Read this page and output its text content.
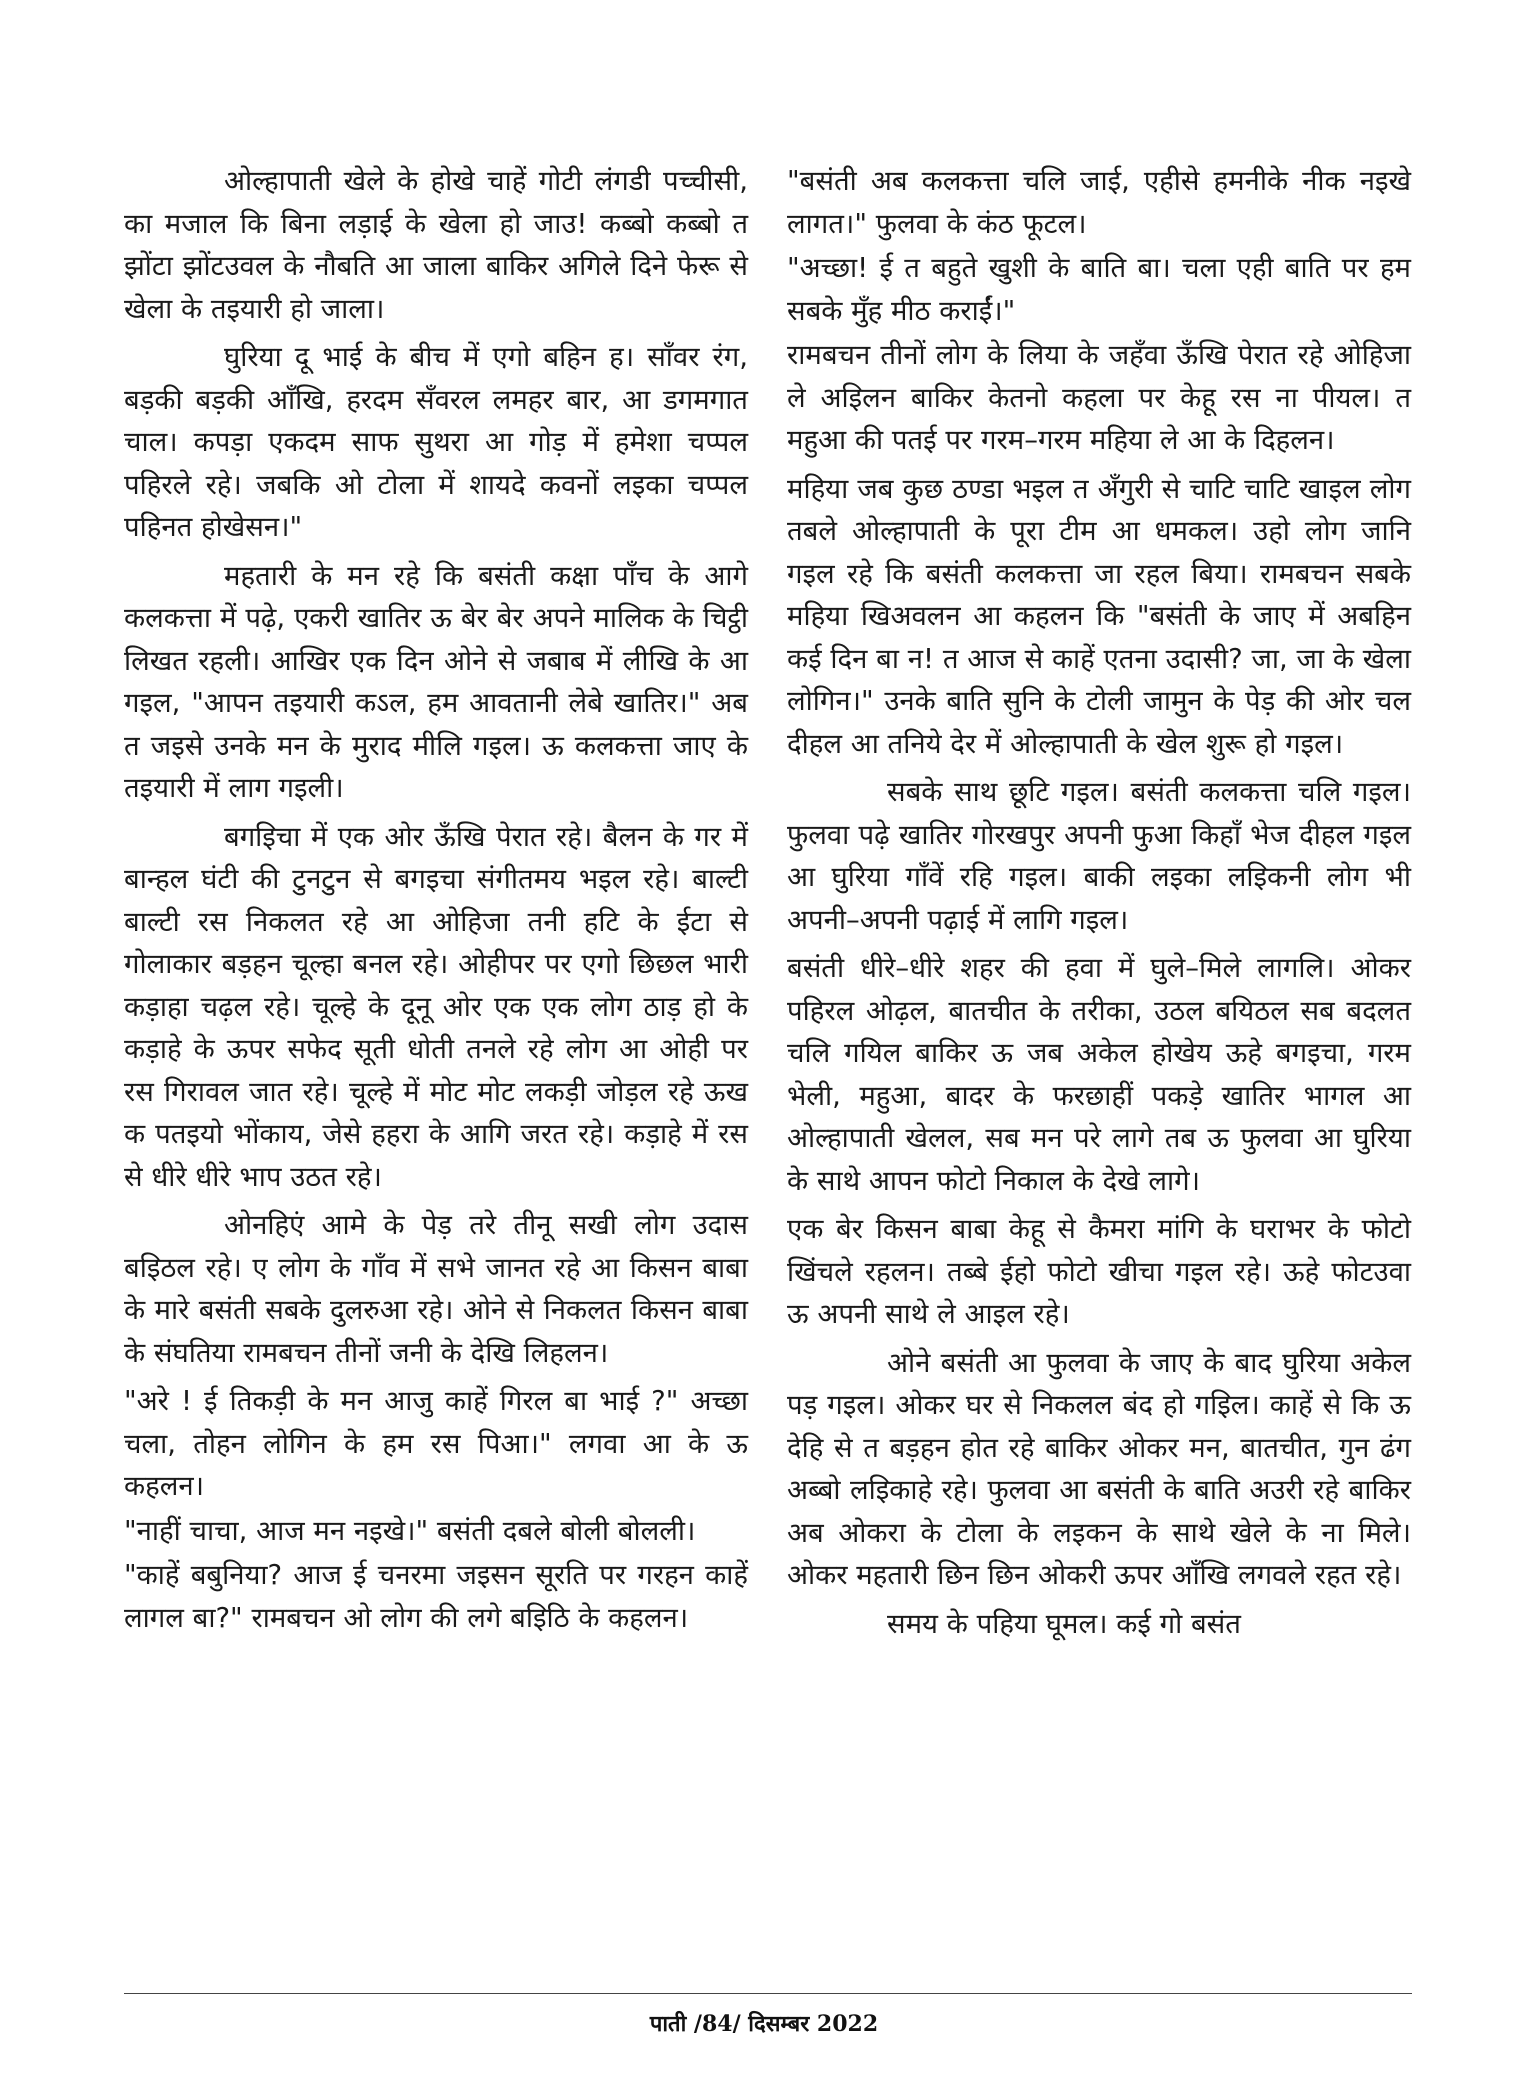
ओल्हापाती खेले के होखे चाहें गोटी लंगडी पच्चीसी, का मजाल कि बिना लड़ाई के खेला हो जाउ! कब्बो कब्बो त झोंटा झोंटउवल के नौबति आ जाला बाकिर अगिले दिने फेरू से खेला के तइयारी हो जाला।

घुरिया दू भाई के बीच में एगो बहिन ह। साँवर रंग, बड़की बड़की आँखि, हरदम सँवरल लमहर बार, आ डगमगात चाल। कपड़ा एकदम साफ सुथरा आ गोड़ में हमेशा चप्पल पहिरले रहे। जबकि ओ टोला में शायदे कवनों लइका चप्पल पहिनत होखेसन।"

महतारी के मन रहे कि बसंती कक्षा पाँच के आगे कलकत्ता में पढ़े, एकरी खातिर ऊ बेर बेर अपने मालिक के चिट्ठी लिखत रहली। आखिर एक दिन ओने से जबाब में लीखि के आ गइल, "आपन तइयारी कऽल, हम आवतानी लेबे खातिर।" अब त जइसे उनके मन के मुराद मीलि गइल। ऊ कलकत्ता जाए के तइयारी में लाग गइली।

बगइिचा में एक ओर ऊँखि पेरात रहे। बैलन के गर में बान्हल घंटी की टुनटुन से बगइचा संगीतमय भइल रहे। बाल्टी बाल्टी रस निकलत रहे आ ओहिजा तनी हटि के ईटा से गोलाकार बड़हन चूल्हा बनल रहे। ओहीपर पर एगो छिछल भारी कड़ाहा चढ़ल रहे। चूल्हे के दूनू ओर एक एक लोग ठाड़ हो के कड़ाहे के ऊपर सफेद सूती धोती तनले रहे लोग आ ओही पर रस गिरावल जात रहे। चूल्हे में मोट मोट लकड़ी जोड़ल रहे ऊख क पतइयो भोंकाय, जेसे हहरा के आगि जरत रहे। कड़ाहे में रस से धीरे धीरे भाप उठत रहे।

ओनहिएं आमे के पेड़ तरे तीनू सखी लोग उदास बइिठल रहे। ए लोग के गाँव में सभे जानत रहे आ किसन बाबा के मारे बसंती सबके दुलरुआ रहे। ओने से निकलत किसन बाबा के संघतिया रामबचन तीनों जनी के देखि लिहलन।

"अरे ! ई तिकड़ी के मन आजु काहें गिरल बा भाई ?" अच्छा चला, तोहन लोगिन के हम रस पिआ।" लगवा आ के ऊ कहलन।

"नाहीं चाचा, आज मन नइखे।" बसंती दबले बोली बोलली।

"काहें बबुनिया? आज ई चनरमा जइसन सूरति पर गरहन काहें लागल बा?" रामबचन ओ लोग की लगे बइिठि के कहलन।

"बसंती अब कलकत्ता चलि जाई, एहीसे हमनीके नीक नइखे लागत।" फुलवा के कंठ फूटल।

"अच्छा! ई त बहुते खुशी के बाति बा। चला एही बाति पर हम सबके मुँह मीठ कराईं।"

रामबचन तीनों लोग के लिया के जहँवा ऊँखि पेरात रहे ओहिजा ले अइिलन बाकिर केतनो कहला पर केहू रस ना पीयल। त महुआ की पतई पर गरम–गरम महिया ले आ के दिहलन।

महिया जब कुछ ठण्डा भइल त अँगुरी से चाटि चाटि खाइल लोग तबले ओल्हापाती के पूरा टीम आ धमकल। उहो लोग जानि गइल रहे कि बसंती कलकत्ता जा रहल बिया। रामबचन सबके महिया खिअवलन आ कहलन कि "बसंती के जाए में अबहिन कई दिन बा न! त आज से काहें एतना उदासी? जा, जा के खेला लोगिन।" उनके बाति सुनि के टोली जामुन के पेड़ की ओर चल दीहल आ तनिये देर में ओल्हापाती के खेल शुरू हो गइल।

सबके साथ छूटि गइल। बसंती कलकत्ता चलि गइल। फुलवा पढ़े खातिर गोरखपुर अपनी फुआ किहाँ भेज दीहल गइल आ घुरिया गाँवें रहि गइल। बाकी लइका लइिकनी लोग भी अपनी–अपनी पढ़ाई में लागि गइल।

बसंती धीरे–धीरे शहर की हवा में घुले–मिले लागलि। ओकर पहिरल ओढ़ल, बातचीत के तरीका, उठल बयिठल सब बदलत चलि गयिल बाकिर ऊ जब अकेल होखेय ऊहे बगइचा, गरम भेली, महुआ, बादर के फरछाहीं पकड़े खातिर भागल आ ओल्हापाती खेलल, सब मन परे लागे तब ऊ फुलवा आ घुरिया के साथे आपन फोटो निकाल के देखे लागे।

एक बेर किसन बाबा केहू से कैमरा मांगि के घराभर के फोटो खिंचले रहलन। तब्बे ईहो फोटो खीचा गइल रहे। ऊहे फोटउवा ऊ अपनी साथे ले आइल रहे।

ओने बसंती आ फुलवा के जाए के बाद घुरिया अकेल पड़ गइल। ओकर घर से निकलल बंद हो गइिल। काहें से कि ऊ देहि से त बड़हन होत रहे बाकिर ओकर मन, बातचीत, गुन ढंग अब्बो लइिकाहे रहे। फुलवा आ बसंती के बाति अउरी रहे बाकिर अब ओकरा के टोला के लइकन के साथे खेले के ना मिले। ओकर महतारी छिन छिन ओकरी ऊपर आँखि लगवले रहत रहे।

समय के पहिया घूमल। कई गो बसंत

पाती /84/ दिसम्बर 2022
